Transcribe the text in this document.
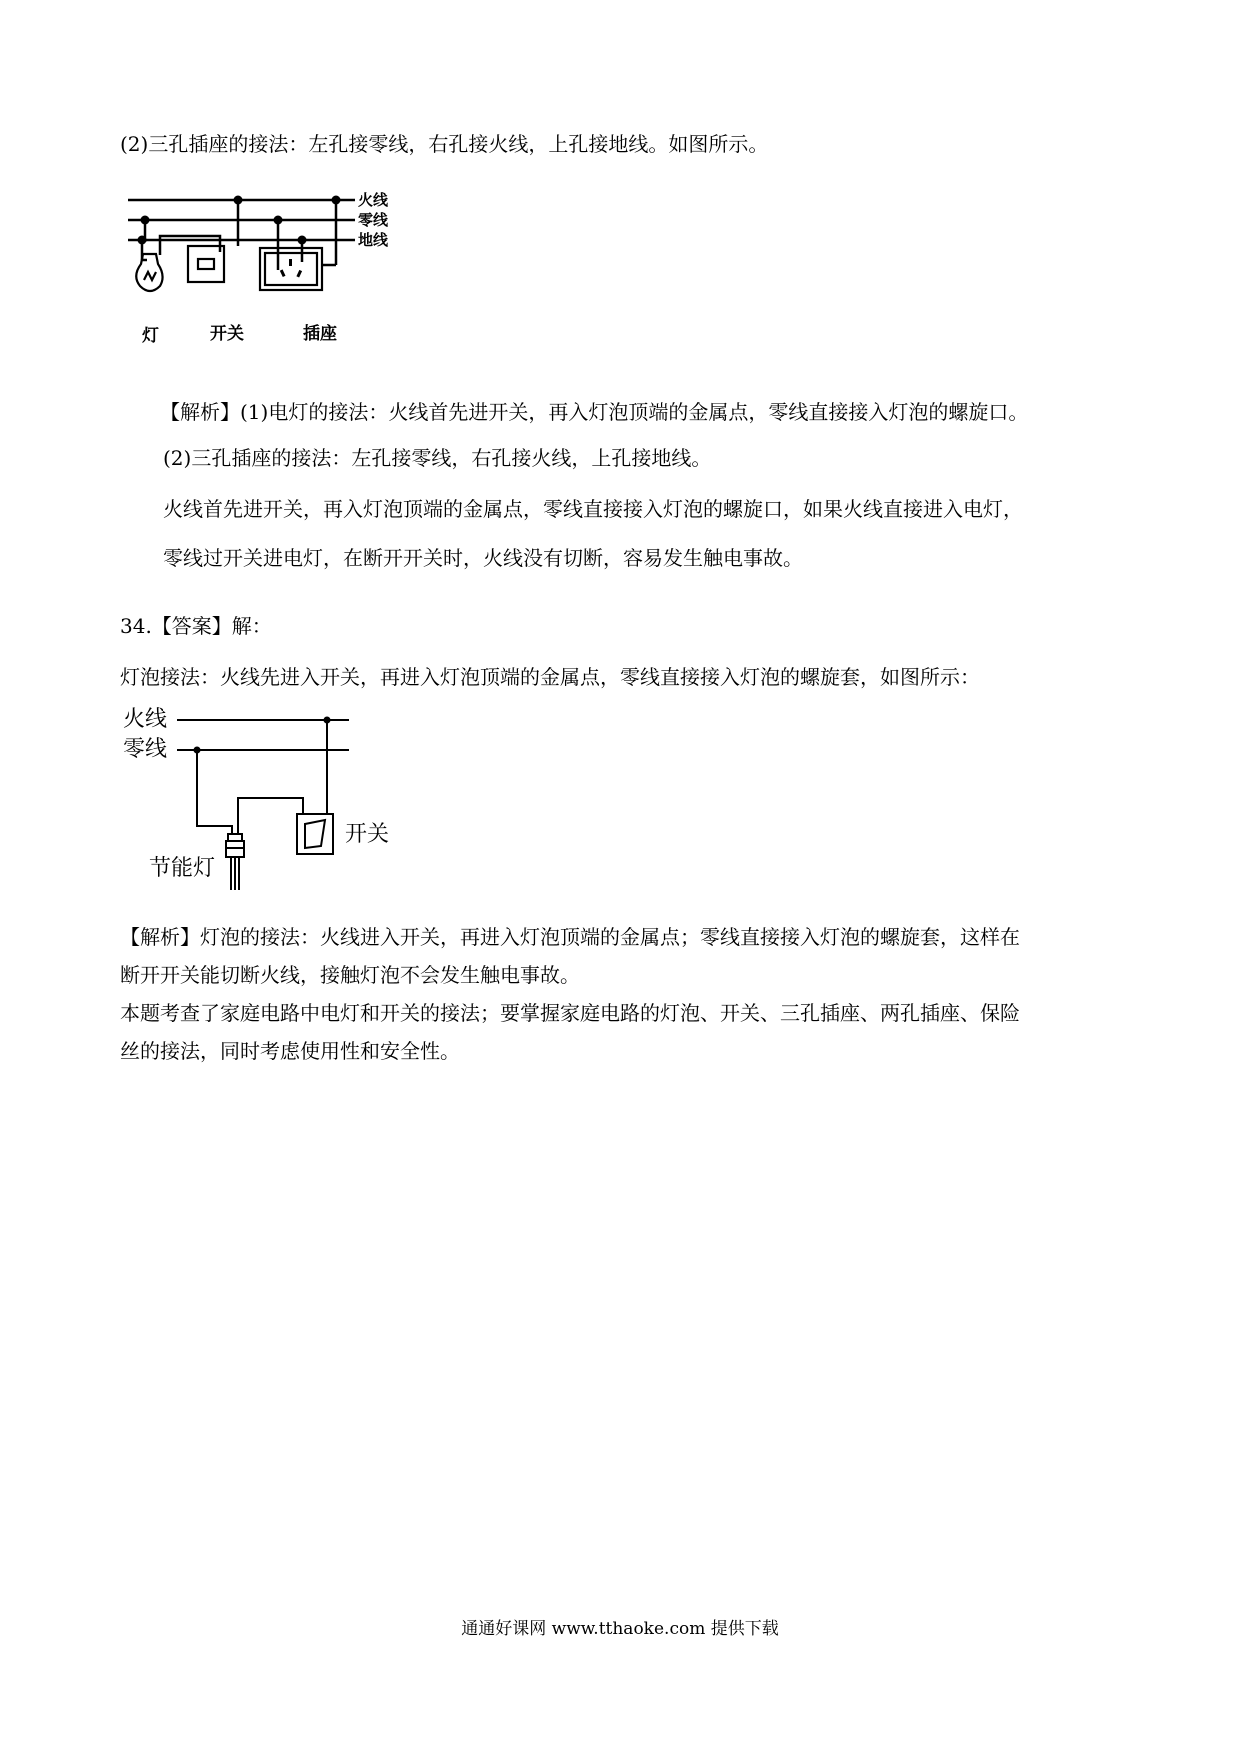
(2)三孔插座的接法：左孔接零线，右孔接火线，上孔接地线。如图所示。
火线
零线
地线
灯	开关	插座
【解析】(1)电灯的接法：火线首先进开关，再入灯泡顶端的金属点，零线直接接入灯泡的螺旋口。
(2)三孔插座的接法：左孔接零线，右孔接火线，上孔接地线。
火线首先进开关，再入灯泡顶端的金属点，零线直接接入灯泡的螺旋口，如果火线直接进入电灯，
零线过开关进电灯，在断开开关时，火线没有切断，容易发生触电事故。
34.【答案】解：
灯泡接法：火线先进入开关，再进入灯泡顶端的金属点，零线直接接入灯泡的螺旋套，如图所示：
火线
零线
节能灯
开关
【解析】灯泡的接法：火线进入开关，再进入灯泡顶端的金属点；零线直接接入灯泡的螺旋套，这样在
断开开关能切断火线，接触灯泡不会发生触电事故。
本题考查了家庭电路中电灯和开关的接法；要掌握家庭电路的灯泡、开关、三孔插座、两孔插座、保险
丝的接法，同时考虑使用性和安全性。
通通好课网 www.tthaoke.com 提供下载
